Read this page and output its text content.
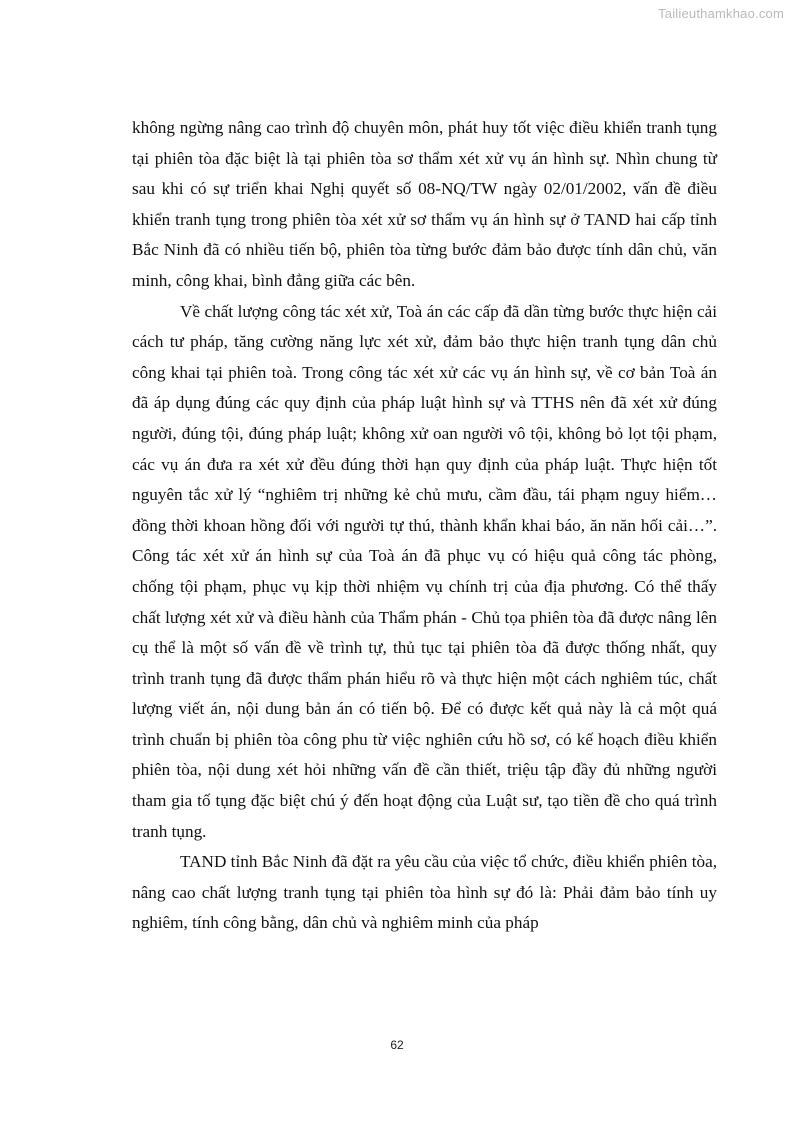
Tailieuthamkhao.com

không ngừng nâng cao trình độ chuyên môn, phát huy tốt việc điều khiển tranh tụng tại phiên tòa đặc biệt là tại phiên tòa sơ thẩm xét xử vụ án hình sự. Nhìn chung từ sau khi có sự triển khai Nghị quyết số 08-NQ/TW ngày 02/01/2002, vấn đề điều khiển tranh tụng trong phiên tòa xét xử sơ thẩm vụ án hình sự ở TAND hai cấp tỉnh Bắc Ninh đã có nhiều tiến bộ, phiên tòa từng bước đảm bảo được tính dân chủ, văn minh, công khai, bình đẳng giữa các bên.

Về chất lượng công tác xét xử, Toà án các cấp đã dần từng bước thực hiện cải cách tư pháp, tăng cường năng lực xét xử, đảm bảo thực hiện tranh tụng dân chủ công khai tại phiên toà. Trong công tác xét xử các vụ án hình sự, về cơ bản Toà án đã áp dụng đúng các quy định của pháp luật hình sự và TTHS nên đã xét xử đúng người, đúng tội, đúng pháp luật; không xử oan người vô tội, không bỏ lọt tội phạm, các vụ án đưa ra xét xử đều đúng thời hạn quy định của pháp luật. Thực hiện tốt nguyên tắc xử lý “nghiêm trị những kẻ chủ mưu, cầm đầu, tái phạm nguy hiểm… đồng thời khoan hồng đối với người tự thú, thành khẩn khai báo, ăn năn hối cải…”. Công tác xét xử án hình sự của Toà án đã phục vụ có hiệu quả công tác phòng, chống tội phạm, phục vụ kịp thời nhiệm vụ chính trị của địa phương. Có thể thấy chất lượng xét xử và điều hành của Thẩm phán - Chủ tọa phiên tòa đã được nâng lên cụ thể là một số vấn đề về trình tự, thủ tục tại phiên tòa đã được thống nhất, quy trình tranh tụng đã được thẩm phán hiểu rõ và thực hiện một cách nghiêm túc, chất lượng viết án, nội dung bản án có tiến bộ. Để có được kết quả này là cả một quá trình chuẩn bị phiên tòa công phu từ việc nghiên cứu hồ sơ, có kế hoạch điều khiển phiên tòa, nội dung xét hỏi những vấn đề cần thiết, triệu tập đầy đủ những người tham gia tố tụng đặc biệt chú ý đến hoạt động của Luật sư, tạo tiền đề cho quá trình tranh tụng.

TAND tỉnh Bắc Ninh đã đặt ra yêu cầu của việc tổ chức, điều khiển phiên tòa, nâng cao chất lượng tranh tụng tại phiên tòa hình sự đó là: Phải đảm bảo tính uy nghiêm, tính công bằng, dân chủ và nghiêm minh của pháp

62
